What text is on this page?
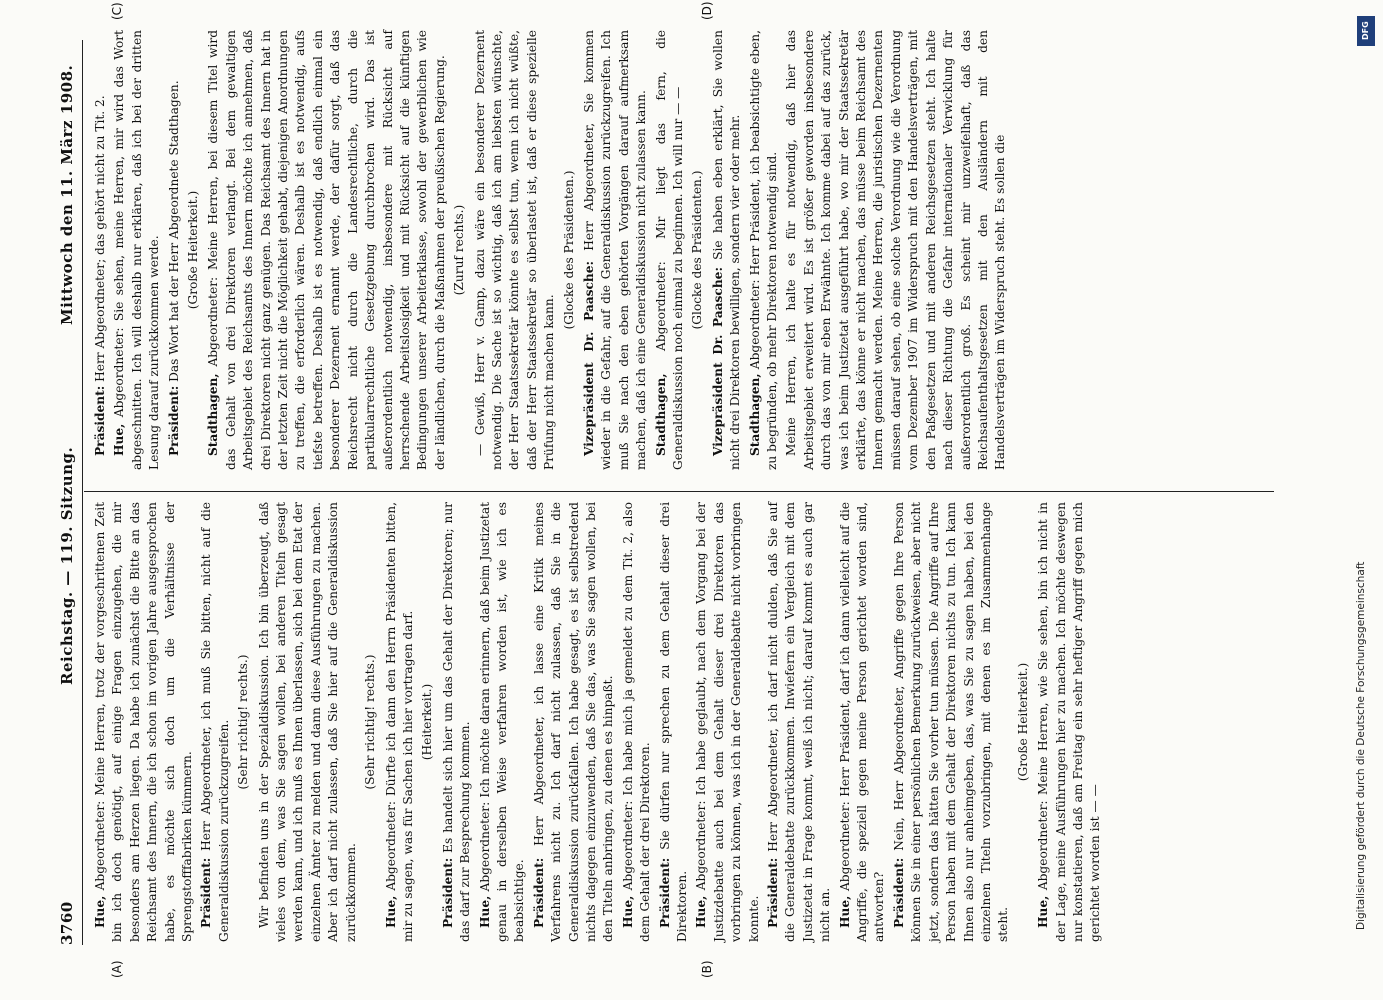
3760
Reichstag. — 119. Sitzung.
Mittwoch den 11. März 1908.
(A)	(B)
(C)	(D)

Hue, Abgeordneter: Meine Herren, trotz der vorgeschrittenen Zeit bin ich doch genötigt, auf einige Fragen einzugehen, die mir besonders am Herzen liegen. Da habe ich zunächst die Bitte an das Reichsamt des Innern, die ich schon im vorigen Jahre ausgesprochen habe, es möchte sich doch um die Verhältnisse der Sprengstofffabriken kümmern. Präsident: Herr Abgeordneter, ich muß Sie bitten, nicht auf die Generaldiskussion zurückzugreifen. (Sehr richtig! rechts.) Wir befinden uns in der Spezialdiskussion. Ich bin überzeugt, daß vieles von dem, was Sie sagen wollen, bei anderen Titeln gesagt werden kann, und ich muß es Ihnen überlassen, sich bei dem Etat der einzelnen Ämter zu melden und dann diese Ausführungen zu machen. Aber ich darf nicht zulassen, daß Sie hier auf die Generaldiskussion zurückkommen.

(Sehr richtig! rechts.)

Hue, Abgeordneter: Dürfte ich dann den Herrn Präsidenten bitten, mir zu sagen, was für Sachen ich hier vortragen darf. (Heiterkeit.)

Präsident: Es handelt sich hier um das Gehalt der Direktoren; nur das darf zur Besprechung kommen. Hue, Abgeordneter: Ich möchte daran erinnern, daß beim Justizetat genau in derselben Weise verfahren worden ist, wie ich es beabsichtige. Präsident: Herr Abgeordneter, ich lasse eine Kritik meines Verfahrens nicht zu. Ich darf nicht zulassen, daß Sie in die Generaldiskussion zurückfallen. Ich habe gesagt, es ist selbstredend nichts dagegen einzuwenden, daß Sie das, was Sie sagen wollen, bei den Titeln anbringen, zu denen es hinpaßt. Hue, Abgeordneter: Ich habe mich ja gemeldet zu dem Tit. 2, also dem Gehalt der drei Direktoren. Präsident: Sie dürfen nur sprechen zu dem Gehalt dieser drei Direktoren. Hue, Abgeordneter: Ich habe geglaubt, nach dem Vorgang bei der Justizdebatte auch bei dem Gehalt dieser drei Direktoren das vorbringen zu können, was ich in der Generaldebatte nicht vorbringen konnte. Präsident: Herr Abgeordneter, ich darf nicht dulden, daß Sie auf die Generaldebatte zurückkommen. Inwiefern ein Vergleich mit dem Justizetat in Frage kommt, weiß ich nicht; darauf kommt es auch gar nicht an. Hue, Abgeordneter: Herr Präsident, darf ich dann vielleicht auf die Angriffe, die speziell gegen meine Person gerichtet worden sind, antworten? Präsident: Nein, Herr Abgeordneter, Angriffe gegen Ihre Person können Sie in einer persönlichen Bemerkung zurückweisen, aber nicht jetzt, sondern das hätten Sie vorher tun müssen. Die Angriffe auf Ihre Person haben mit dem Gehalt der Direktoren nichts zu tun. Ich kann Ihnen also nur anheimgeben, das, was Sie zu sagen haben, bei den einzelnen Titeln vorzubringen, mit denen es im Zusammenhange steht.

(Große Heiterkeit.)

Hue, Abgeordneter: Meine Herren, wie Sie sehen, bin ich nicht in der Lage, meine Ausführungen hier zu machen. Ich möchte deswegen nur konstatieren, daß am Freitag ein sehr heftiger Angriff gegen mich gerichtet worden ist — —

Präsident: Herr Abgeordneter; das gehört nicht zu Tit. 2.

Hue, Abgeordneter: Sie sehen, meine Herren, mir wird das Wort abgeschnitten. Ich will deshalb nur erklären, daß ich bei der dritten Lesung darauf zurückkommen werde. Präsident: Das Wort hat der Herr Abgeordnete Stadthagen. (Große Heiterkeit.)

Stadthagen, Abgeordneter: Meine Herren, bei diesem Titel wird das Gehalt von drei Direktoren verlangt. Bei dem gewaltigen Arbeitsgebiet des Reichsamts des Innern möchte ich annehmen, daß drei Direktoren nicht ganz genügen. Das Reichsamt des Innern hat in der letzten Zeit nicht die Möglichkeit gehabt, diejenigen Anordnungen zu treffen, die erforderlich wären. Deshalb ist es notwendig, aufs tiefste betreffen. Deshalb ist es notwendig, daß endlich einmal ein besonderer Dezernent ernannt werde, der dafür sorgt, daß das Reichsrecht nicht durch die Landesrechtliche, durch die partikularrechtliche Gesetzgebung durchbrochen wird. Das ist außerordentlich notwendig, insbesondere mit Rücksicht auf herrschende Arbeitslosigkeit und mit Rücksicht auf die künftigen Bedingungen unserer Arbeiterklasse, sowohl der gewerblichen wie der ländlichen, durch die Maßnahmen der preußischen Regierung. (Zuruf rechts.) — Gewiß, Herr v. Gamp, dazu wäre ein besonderer Dezernent notwendig. Die Sache ist so wichtig, daß ich am liebsten wünschte, der Herr Staatssekretär könnte es selbst tun, wenn ich nicht wüßte, daß der Herr Staatssekretär so überlastet ist, daß er diese spezielle Prüfung nicht machen kann.

(Glocke des Präsidenten.)

Vizepräsident Dr. Paasche: Herr Abgeordneter, Sie kommen wieder in die Gefahr, auf die Generaldiskussion zurückzugreifen. Ich muß Sie nach den eben gehörten Vorgängen darauf aufmerksam machen, daß ich eine Generaldiskussion nicht zulassen kann. Stadthagen, Abgeordneter: Mir liegt das fern, die Generaldiskussion noch einmal zu beginnen. Ich will nur — — (Glocke des Präsidenten.)

Vizepräsident Dr. Paasche: Sie haben eben erklärt, Sie wollen nicht drei Direktoren bewilligen, sondern vier oder mehr. Stadthagen, Abgeordneter: Herr Präsident, ich beabsichtigte eben, zu begründen, ob mehr Direktoren notwendig sind. Meine Herren, ich halte es für notwendig, daß hier das Arbeitsgebiet erweitert wird. Es ist größer geworden insbesondere durch das von mir eben Erwähnte. Ich komme dabei auf das zurück, was ich beim Justizetat ausgeführt habe, wo mir der Staatssekretär erklärte, das könne er nicht machen, das müsse beim Reichsamt des Innern gemacht werden. Meine Herren, die juristischen Dezernenten müssen darauf sehen, ob eine solche Verordnung wie die Verordnung vom Dezember 1907 im Widerspruch mit den Handelsverträgen, mit den Paßgesetzen und mit anderen Reichsgesetzen steht. Ich halte nach dieser Richtung die Gefahr internationaler Verwicklung für außerordentlich groß. Es scheint mir unzweifelhaft, daß das Reichsaufenthaltsgesetzen mit den Ausländern mit den Handelsverträgen im Widerspruch steht. Es sollen die

DFG
Digitalisierung gefördert durch die Deutsche Forschungsgemeinschaft
